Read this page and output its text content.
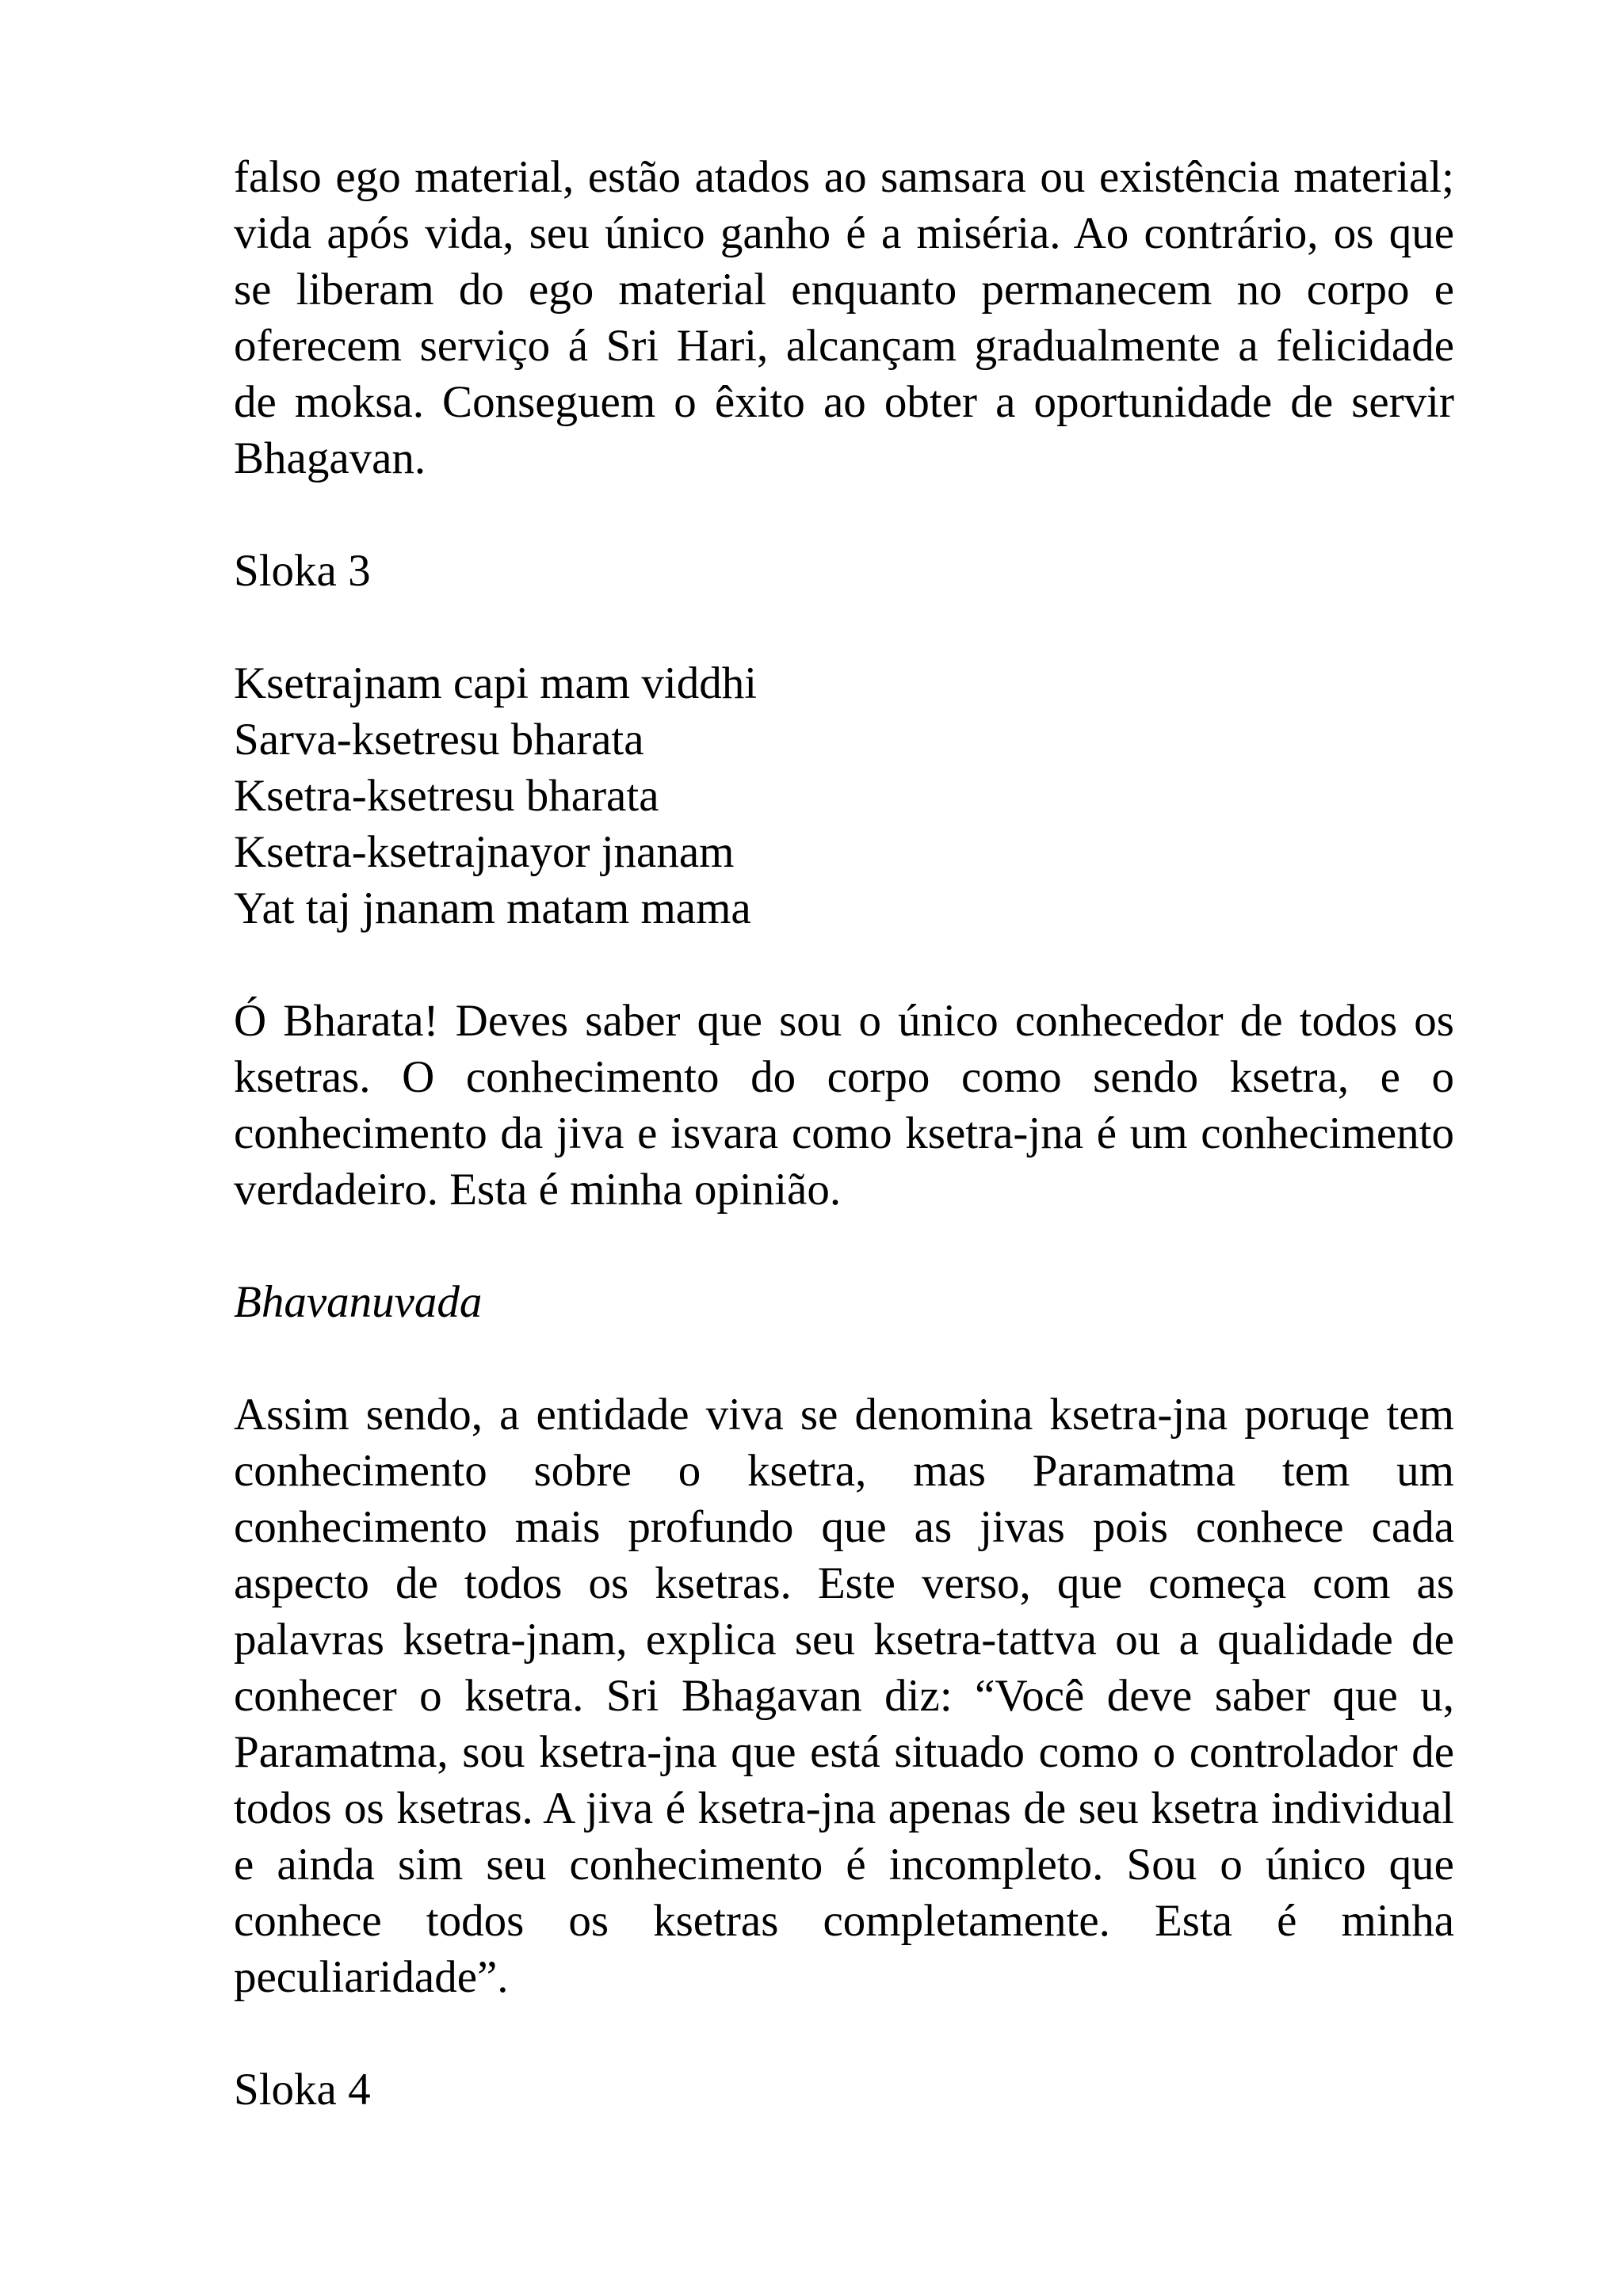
falso ego material, estão atados ao samsara ou existência material; vida após vida, seu único ganho é a miséria. Ao contrário, os que se liberam do ego material enquanto permanecem no corpo e oferecem serviço á Sri Hari, alcançam gradualmente a felicidade de moksa. Conseguem o êxito ao obter a oportunidade de servir Bhagavan.

Sloka 3

Ksetrajnam capi mam viddhi
Sarva-ksetresu bharata
Ksetra-ksetresu bharata
Ksetra-ksetrajnayor jnanam
Yat taj jnanam matam mama

Ó Bharata! Deves saber que sou o único conhecedor de todos os ksetras. O conhecimento do corpo como sendo ksetra, e o conhecimento da jiva e isvara como ksetra-jna é um conhecimento verdadeiro. Esta é minha opinião.

Bhavanuvada

Assim sendo, a entidade viva se denomina ksetra-jna poruqe tem conhecimento sobre o ksetra, mas Paramatma tem um conhecimento mais profundo que as jivas pois conhece cada aspecto de todos os ksetras. Este verso, que começa com as palavras ksetra-jnam, explica seu ksetra-tattva ou a qualidade de conhecer o ksetra. Sri Bhagavan diz: “Você deve saber que u, Paramatma, sou ksetra-jna que está situado como o controlador de todos os ksetras. A jiva é ksetra-jna apenas de seu ksetra individual e ainda sim seu conhecimento é incompleto. Sou o único que conhece todos os ksetras completamente. Esta é minha peculiaridade”.

Sloka 4
